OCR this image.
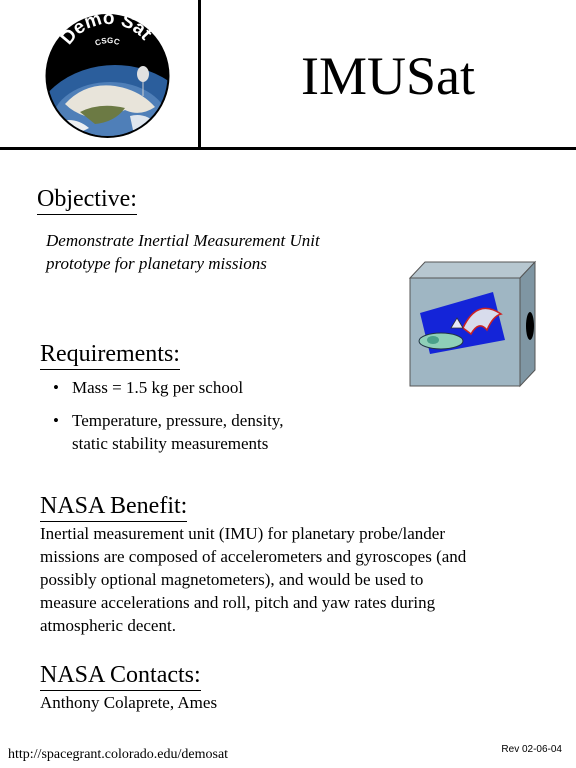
Demo Sat
CSGC
IMUSat
Objective:
Demonstrate Inertial Measurement Unit
prototype for planetary missions
Requirements:
• Mass = 1.5 kg per school
• Temperature, pressure, density,
static stability measurements
NASA Benefit:
Inertial measurement unit (IMU) for planetary probe/lander
missions are composed of accelerometers and gyroscopes (and
possibly optional magnetometers), and would be used to
measure accelerations and roll, pitch and yaw rates during
atmospheric decent.
NASA Contacts:
Anthony Colaprete, Ames
http://spacegrant.colorado.edu/demosat	Rev 02-06-04
